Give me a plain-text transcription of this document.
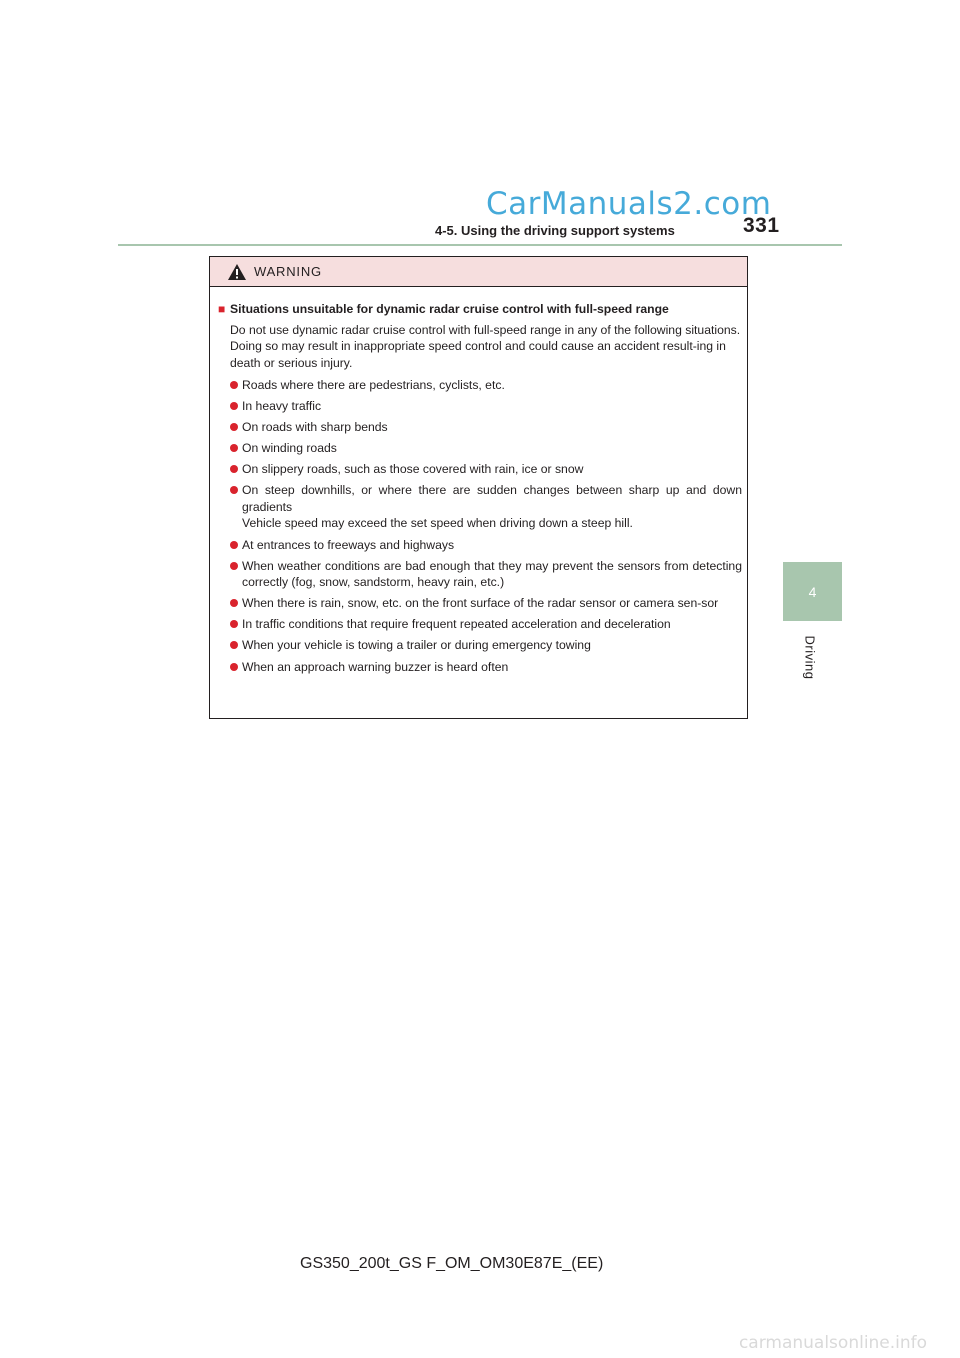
CarManuals2.com
4-5. Using the driving support systems	331
4
Driving
WARNING
■ Situations unsuitable for dynamic radar cruise control with full-speed range

Do not use dynamic radar cruise control with full-speed range in any of the following situations.

Doing so may result in inappropriate speed control and could cause an accident result-ing in death or serious injury.

Roads where there are pedestrians, cyclists, etc.
In heavy traffic
On roads with sharp bends
On winding roads
On slippery roads, such as those covered with rain, ice or snow
On steep downhills, or where there are sudden changes between sharp up and down gradients
Vehicle speed may exceed the set speed when driving down a steep hill.
At entrances to freeways and highways
When weather conditions are bad enough that they may prevent the sensors from detecting correctly (fog, snow, sandstorm, heavy rain, etc.)
When there is rain, snow, etc. on the front surface of the radar sensor or camera sen-sor
In traffic conditions that require frequent repeated acceleration and deceleration
When your vehicle is towing a trailer or during emergency towing
When an approach warning buzzer is heard often
GS350_200t_GS F_OM_OM30E87E_(EE)
carmanualsonline.info
